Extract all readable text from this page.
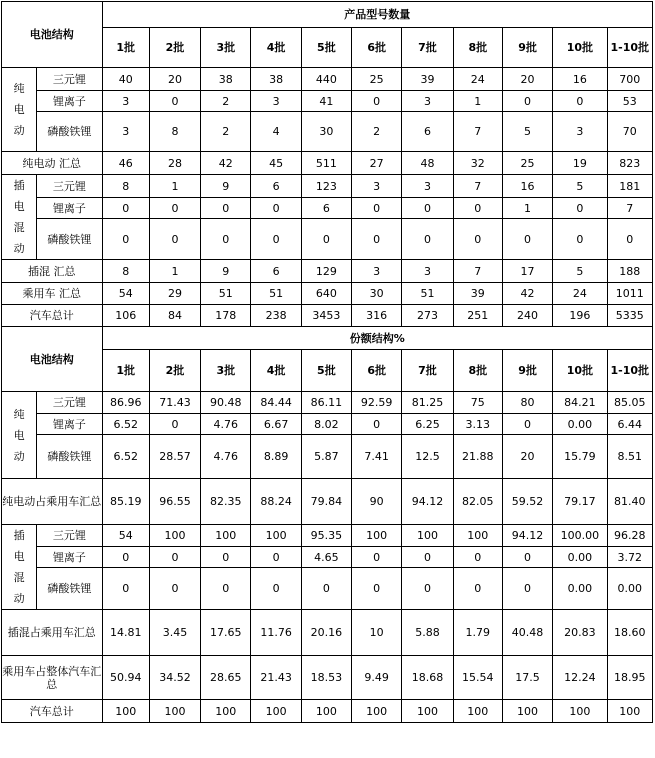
电池结构		产品型号数量										
		1批	2批	3批	4批	5批	6批	7批	8批	9批	10批	1-10批

纯
电
动	三元锂	40	20	38	38	440	25	39	24	20	16	700
	锂离子	3	0	2	3	41	0	3	1	0	0	53
	磷酸铁锂	3	8	2	4	30	2	6	7	5	3	70
纯电动 汇总		46	28	42	45	511	27	48	32	25	19	823

插
电
混
动	三元锂	8	1	9	6	123	3	3	7	16	5	181
	锂离子	0	0	0	0	6	0	0	0	1	0	7
	磷酸铁锂	0	0	0	0	0	0	0	0	0	0	0
插混 汇总		8	1	9	6	129	3	3	7	17	5	188
乘用车 汇总		54	29	51	51	640	30	51	39	42	24	1011
汽车总计		106	84	178	238	3453	316	273	251	240	196	5335
电池结构		份额结构%										
		1批	2批	3批	4批	5批	6批	7批	8批	9批	10批	1-10批

纯
电
动	三元锂	86.96	71.43	90.48	84.44	86.11	92.59	81.25	75	80	84.21	85.05
	锂离子	6.52	0	4.76	6.67	8.02	0	6.25	3.13	0	0.00	6.44
	磷酸铁锂	6.52	28.57	4.76	8.89	5.87	7.41	12.5	21.88	20	15.79	8.51
纯电动占乘用车汇总		85.19	96.55	82.35	88.24	79.84	90	94.12	82.05	59.52	79.17	81.40

插
电
混
动	三元锂	54	100	100	100	95.35	100	100	100	94.12	100.00	96.28
	锂离子	0	0	0	0	4.65	0	0	0	0	0.00	3.72
	磷酸铁锂	0	0	0	0	0	0	0	0	0	0.00	0.00
插混占乘用车汇总		14.81	3.45	17.65	11.76	20.16	10	5.88	1.79	40.48	20.83	18.60
乘用车占整体汽车汇总		50.94	34.52	28.65	21.43	18.53	9.49	18.68	15.54	17.5	12.24	18.95
汽车总计		100	100	100	100	100	100	100	100	100	100	100
